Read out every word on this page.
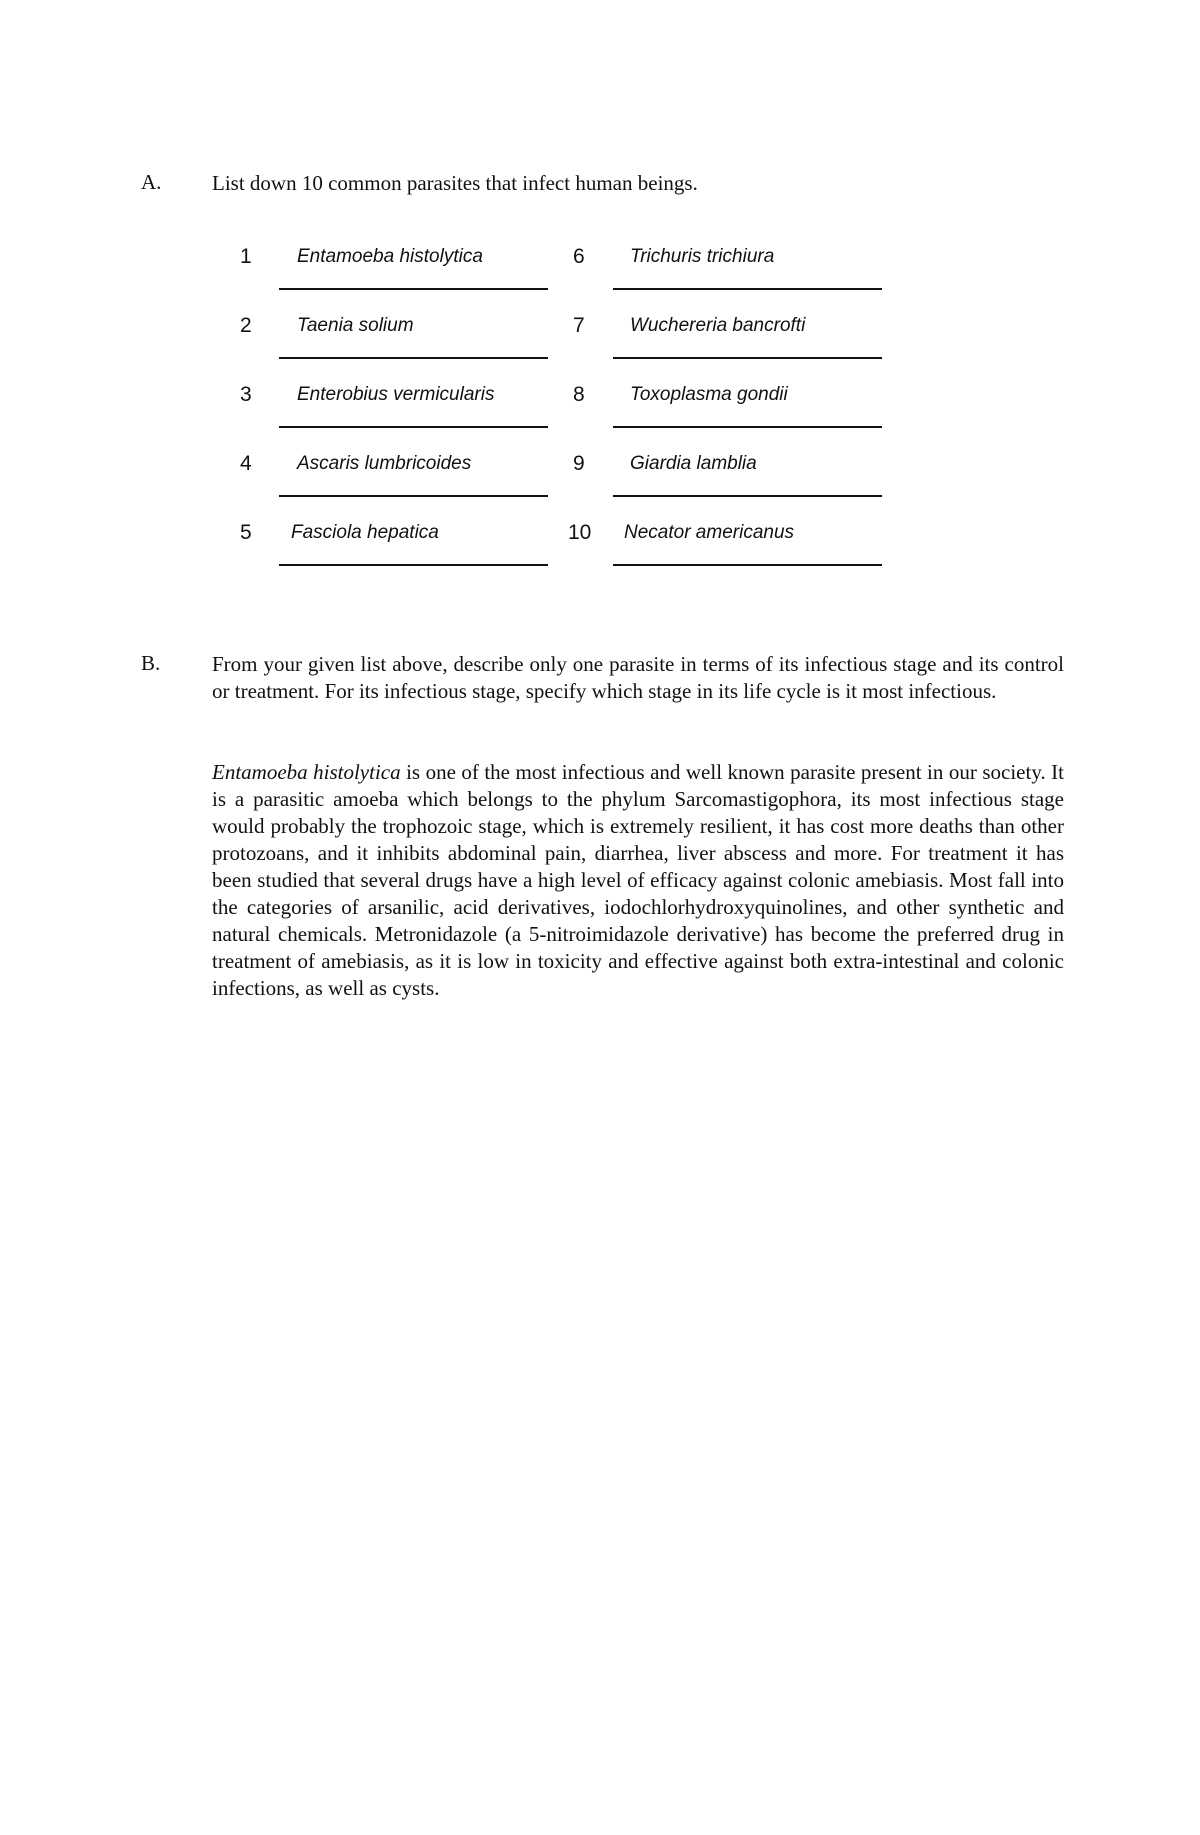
A. List down 10 common parasites that infect human beings.
1 Entamoeba histolytica
2 Taenia solium
3 Enterobius vermicularis
4 Ascaris lumbricoides
5 Fasciola hepatica
6 Trichuris trichiura
7 Wuchereria bancrofti
8 Toxoplasma gondii
9 Giardia lamblia
10 Necator americanus
B. From your given list above, describe only one parasite in terms of its infectious stage and its control or treatment. For its infectious stage, specify which stage in its life cycle is it most infectious.
Entamoeba histolytica is one of the most infectious and well known parasite present in our society. It is a parasitic amoeba which belongs to the phylum Sarcomastigophora, its most infectious stage would probably the trophozoic stage, which is extremely resilient, it has cost more deaths than other protozoans, and it inhibits abdominal pain, diarrhea, liver abscess and more. For treatment it has been studied that several drugs have a high level of efficacy against colonic amebiasis. Most fall into the categories of arsanilic, acid derivatives, iodochlorhydroxyquinolines, and other synthetic and natural chemicals. Metronidazole (a 5-nitroimidazole derivative) has become the preferred drug in treatment of amebiasis, as it is low in toxicity and effective against both extra-intestinal and colonic infections, as well as cysts.
